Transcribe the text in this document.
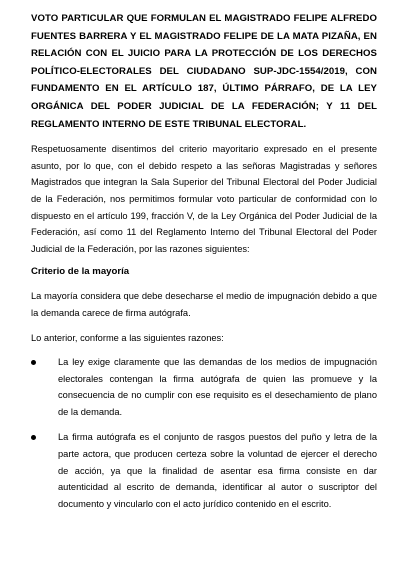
VOTO PARTICULAR QUE FORMULAN EL MAGISTRADO FELIPE ALFREDO FUENTES BARRERA Y EL MAGISTRADO FELIPE DE LA MATA PIZAÑA, EN RELACIÓN CON EL JUICIO PARA LA PROTECCIÓN DE LOS DERECHOS POLÍTICO-ELECTORALES DEL CIUDADANO SUP-JDC-1554/2019, CON FUNDAMENTO EN EL ARTÍCULO 187, ÚLTIMO PÁRRAFO, DE LA LEY ORGÁNICA DEL PODER JUDICIAL DE LA FEDERACIÓN; Y 11 DEL REGLAMENTO INTERNO DE ESTE TRIBUNAL ELECTORAL.

Respetuosamente disentimos del criterio mayoritario expresado en el presente asunto, por lo que, con el debido respeto a las señoras Magistradas y señores Magistrados que integran la Sala Superior del Tribunal Electoral del Poder Judicial de la Federación, nos permitimos formular voto particular de conformidad con lo dispuesto en el artículo 199, fracción V, de la Ley Orgánica del Poder Judicial de la Federación, así como 11 del Reglamento Interno del Tribunal Electoral del Poder Judicial de la Federación, por las razones siguientes:

Criterio de la mayoría

La mayoría considera que debe desecharse el medio de impugnación debido a que la demanda carece de firma autógrafa.

Lo anterior, conforme a las siguientes razones:

La ley exige claramente que las demandas de los medios de impugnación electorales contengan la firma autógrafa de quien las promueve y la consecuencia de no cumplir con ese requisito es el desechamiento de plano de la demanda.
La firma autógrafa es el conjunto de rasgos puestos del puño y letra de la parte actora, que producen certeza sobre la voluntad de ejercer el derecho de acción, ya que la finalidad de asentar esa firma consiste en dar autenticidad al escrito de demanda, identificar al autor o suscriptor del documento y vincularlo con el acto jurídico contenido en el escrito.
